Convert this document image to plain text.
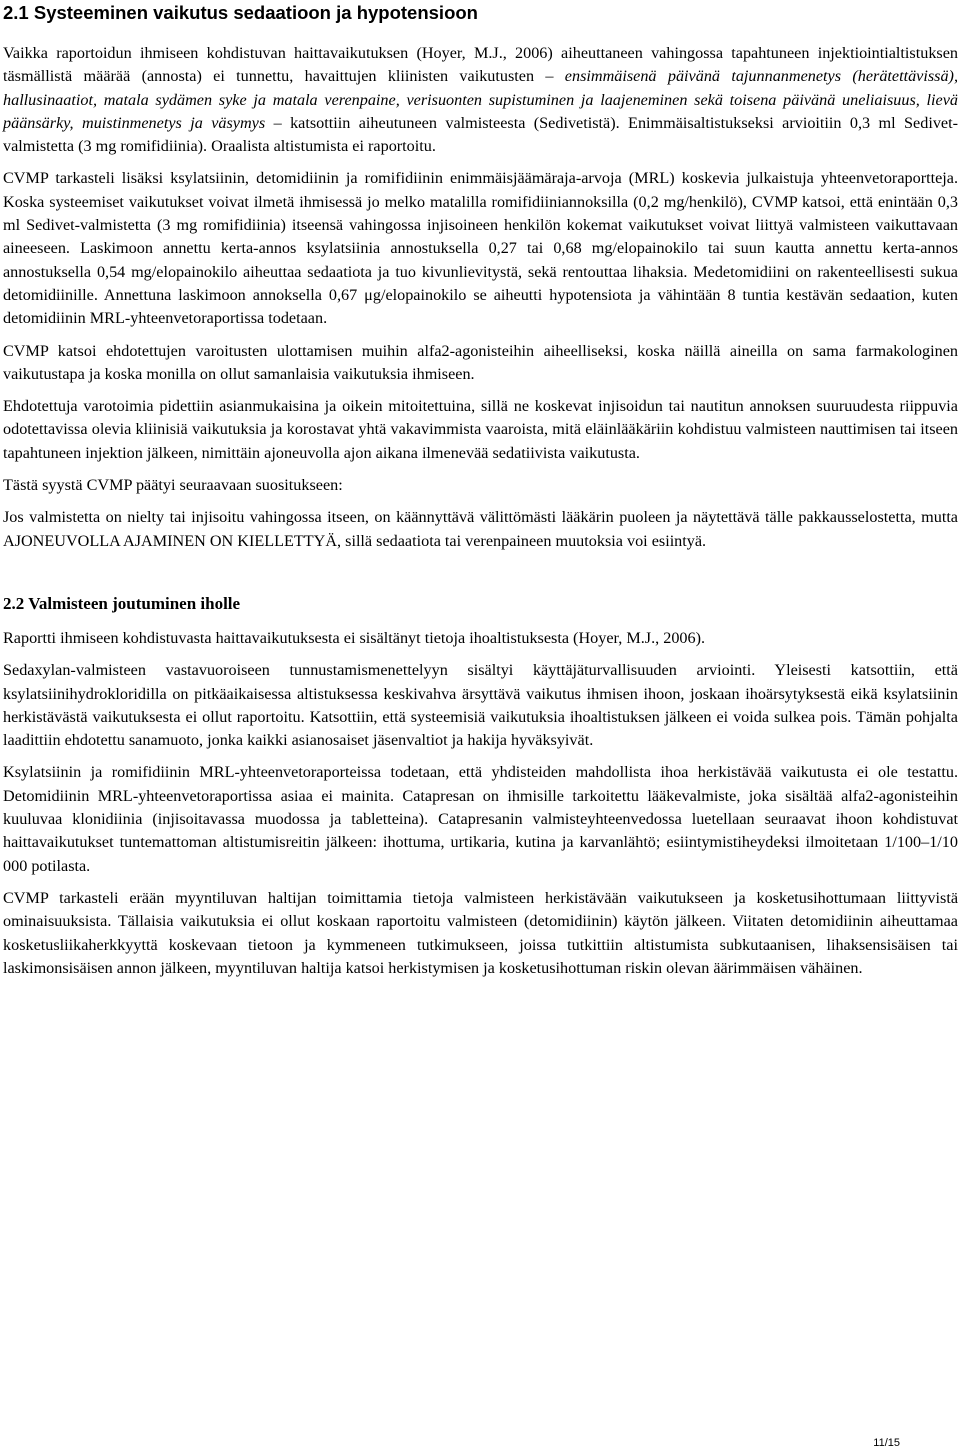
2.1 Systeeminen vaikutus sedaatioon ja hypotensioon

Vaikka raportoidun ihmiseen kohdistuvan haittavaikutuksen (Hoyer, M.J., 2006) aiheuttaneen vahingossa tapahtuneen injektiointialtistuksen täsmällistä määrää (annosta) ei tunnettu, havaittujen kliinisten vaikutusten – ensimmäisenä päivänä tajunnanmenetys (herätettävissä), hallusinaatiot, matala sydämen syke ja matala verenpaine, verisuonten supistuminen ja laajeneminen sekä toisena päivänä uneliaisuus, lievä päänsärky, muistinmenetys ja väsymys – katsottiin aiheutuneen valmisteesta (Sedivetistä). Enimmäisaltistukseksi arvioitiin 0,3 ml Sedivet-valmistetta (3 mg romifidiinia). Oraalista altistumista ei raportoitu.

CVMP tarkasteli lisäksi ksylatsiinin, detomidiinin ja romifidiinin enimmäisjäämäraja-arvoja (MRL) koskevia julkaistuja yhteenvetoraportteja. Koska systeemiset vaikutukset voivat ilmetä ihmisessä jo melko matalilla romifidiiniannoksilla (0,2 mg/henkilö), CVMP katsoi, että enintään 0,3 ml Sedivet-valmistetta (3 mg romifidiinia) itseensä vahingossa injisoineen henkilön kokemat vaikutukset voivat liittyä valmisteen vaikuttavaan aineeseen. Laskimoon annettu kerta-annos ksylatsiinia annostuksella 0,27 tai 0,68 mg/elopainokilo tai suun kautta annettu kerta-annos annostuksella 0,54 mg/elopainokilo aiheuttaa sedaatiota ja tuo kivunlievitystä, sekä rentouttaa lihaksia. Medetomidiini on rakenteellisesti sukua detomidiinille. Annettuna laskimoon annoksella 0,67 μg/elopainokilo se aiheutti hypotensiota ja vähintään 8 tuntia kestävän sedaation, kuten detomidiinin MRL-yhteenvetoraportissa todetaan.

CVMP katsoi ehdotettujen varoitusten ulottamisen muihin alfa2-agonisteihin aiheelliseksi, koska näillä aineilla on sama farmakologinen vaikutustapa ja koska monilla on ollut samanlaisia vaikutuksia ihmiseen.

Ehdotettuja varotoimia pidettiin asianmukaisina ja oikein mitoitettuina, sillä ne koskevat injisoidun tai nautitun annoksen suuruudesta riippuvia odotettavissa olevia kliinisiä vaikutuksia ja korostavat yhtä vakavimmista vaaroista, mitä eläinlääkäriin kohdistuu valmisteen nauttimisen tai itseen tapahtuneen injektion jälkeen, nimittäin ajoneuvolla ajon aikana ilmenevää sedatiivista vaikutusta.

Tästä syystä CVMP päätyi seuraavaan suositukseen:

Jos valmistetta on nielty tai injisoitu vahingossa itseen, on käännyttävä välittömästi lääkärin puoleen ja näytettävä tälle pakkausselostetta, mutta AJONEUVOLLA AJAMINEN ON KIELLETTYÄ, sillä sedaatiota tai verenpaineen muutoksia voi esiintyä.

2.2 Valmisteen joutuminen iholle

Raportti ihmiseen kohdistuvasta haittavaikutuksesta ei sisältänyt tietoja ihoaltistuksesta (Hoyer, M.J., 2006).

Sedaxylan-valmisteen vastavuoroiseen tunnustamismenettelyyn sisältyi käyttäjäturvallisuuden arviointi. Yleisesti katsottiin, että ksylatsiinihydrokloridilla on pitkäaikaisessa altistuksessa keskivahva ärsyttävä vaikutus ihmisen ihoon, joskaan ihoärsytyksestä eikä ksylatsiinin herkistävästä vaikutuksesta ei ollut raportoitu. Katsottiin, että systeemisiä vaikutuksia ihoaltistuksen jälkeen ei voida sulkea pois. Tämän pohjalta laadittiin ehdotettu sanamuoto, jonka kaikki asianosaiset jäsenvaltiot ja hakija hyväksyivät.

Ksylatsiinin ja romifidiinin MRL-yhteenvetoraporteissa todetaan, että yhdisteiden mahdollista ihoa herkistävää vaikutusta ei ole testattu. Detomidiinin MRL-yhteenvetoraportissa asiaa ei mainita. Catapresan on ihmisille tarkoitettu lääkevalmiste, joka sisältää alfa2-agonisteihin kuuluvaa klonidiinia (injisoitavassa muodossa ja tabletteina). Catapresanin valmisteyhteenvedossa luetellaan seuraavat ihoon kohdistuvat haittavaikutukset tuntemattoman altistumisreitin jälkeen: ihottuma, urtikaria, kutina ja karvanlähtö; esiintymistiheydeksi ilmoitetaan 1/100–1/10 000 potilasta.

CVMP tarkasteli erään myyntiluvan haltijan toimittamia tietoja valmisteen herkistävään vaikutukseen ja kosketusihottumaan liittyvistä ominaisuuksista. Tällaisia vaikutuksia ei ollut koskaan raportoitu valmisteen (detomidiinin) käytön jälkeen. Viitaten detomidiinin aiheuttamaa kosketusliikaherkkyyttä koskevaan tietoon ja kymmeneen tutkimukseen, joissa tutkittiin altistumista subkutaanisen, lihaksensisäisen tai laskimonsisäisen annon jälkeen, myyntiluvan haltija katsoi herkistymisen ja kosketusihottuman riskin olevan äärimmäisen vähäinen.

11/15
